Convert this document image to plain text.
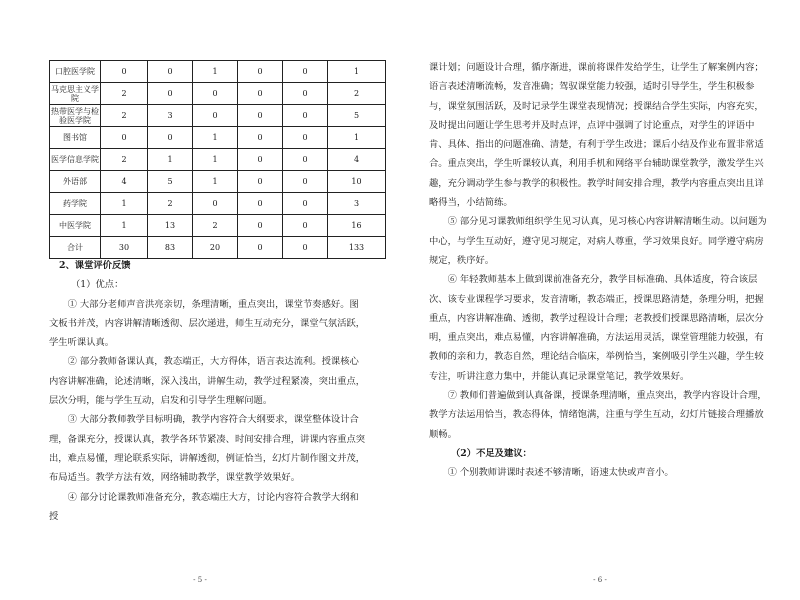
口腔医学院	0	0	1	0	0	1
马克思主义学院	2	0	0	0	0	2
热带医学与检验医学院	2	3	0	0	0	5
图书馆	0	0	1	0	0	1
医学信息学院	2	1	1	0	0	4
外语部	4	5	1	0	0	10
药学院	1	2	0	0	0	3
中医学院	1	13	2	0	0	16
合计	30	83	20	0	0	133

2、课堂评价反馈

（1）优点：

① 大部分老师声音洪亮亲切，条理清晰，重点突出，课堂节奏感好。图文板书并茂，内容讲解清晰透彻、层次递进，师生互动充分，课堂气氛活跃，学生听课认真。

② 部分教师备课认真，教态端正，大方得体，语言表达流利。授课核心内容讲解准确，论述清晰，深入浅出，讲解生动，教学过程紧凑，突出重点，层次分明，能与学生互动，启发和引导学生理解问题。

③ 大部分教师教学目标明确，教学内容符合大纲要求，课堂整体设计合理，备课充分，授课认真，教学各环节紧凑、时间安排合理，讲课内容重点突出，难点易懂，理论联系实际，讲解透彻，例证恰当，幻灯片制作图文并茂，布局适当。教学方法有效，网络辅助教学，课堂教学效果好。

④ 部分讨论课教师准备充分，教态端庄大方，讨论内容符合教学大纲和授

- 5 -

课计划；问题设计合理，循序渐进，课前将课件发给学生，让学生了解案例内容；语言表述清晰流畅，发音准确；驾驭课堂能力较强，适时引导学生，学生积极参与，课堂氛围活跃，及时记录学生课堂表现情况；授课结合学生实际，内容充实，及时提出问题让学生思考并及时点评，点评中强调了讨论重点，对学生的评语中肯、具体、指出的问题准确、清楚，有利于学生改进；课后小结及作业布置非常适合。重点突出，学生听课较认真，利用手机和网络平台辅助课堂教学，激发学生兴趣，充分调动学生参与教学的积极性。教学时间安排合理，教学内容重点突出且详略得当，小结简练。

⑤ 部分见习课教师组织学生见习认真，见习核心内容讲解清晰生动。以问题为中心，与学生互动好，遵守见习规定，对病人尊重，学习效果良好。同学遵守病房规定，秩序好。

⑥ 年轻教师基本上做到课前准备充分，教学目标准确、具体适度，符合该层次、该专业课程学习要求，发音清晰，教态端正，授课思路清楚，条理分明，把握重点，内容讲解准确、透彻，教学过程设计合理；老教授们授课思路清晰，层次分明，重点突出，难点易懂，内容讲解准确，方法运用灵活，课堂管理能力较强，有教师的亲和力，教态自然，理论结合临床，举例恰当，案例吸引学生兴趣，学生较专注，听讲注意力集中，并能认真记录课堂笔记，教学效果好。

⑦ 教师们普遍做到认真备课，授课条理清晰，重点突出，教学内容设计合理，教学方法运用恰当，教态得体，情绪饱满，注重与学生互动，幻灯片链接合理播放顺畅。

（2）不足及建议：

① 个别教师讲课时表述不够清晰，语速太快或声音小。

- 6 -
